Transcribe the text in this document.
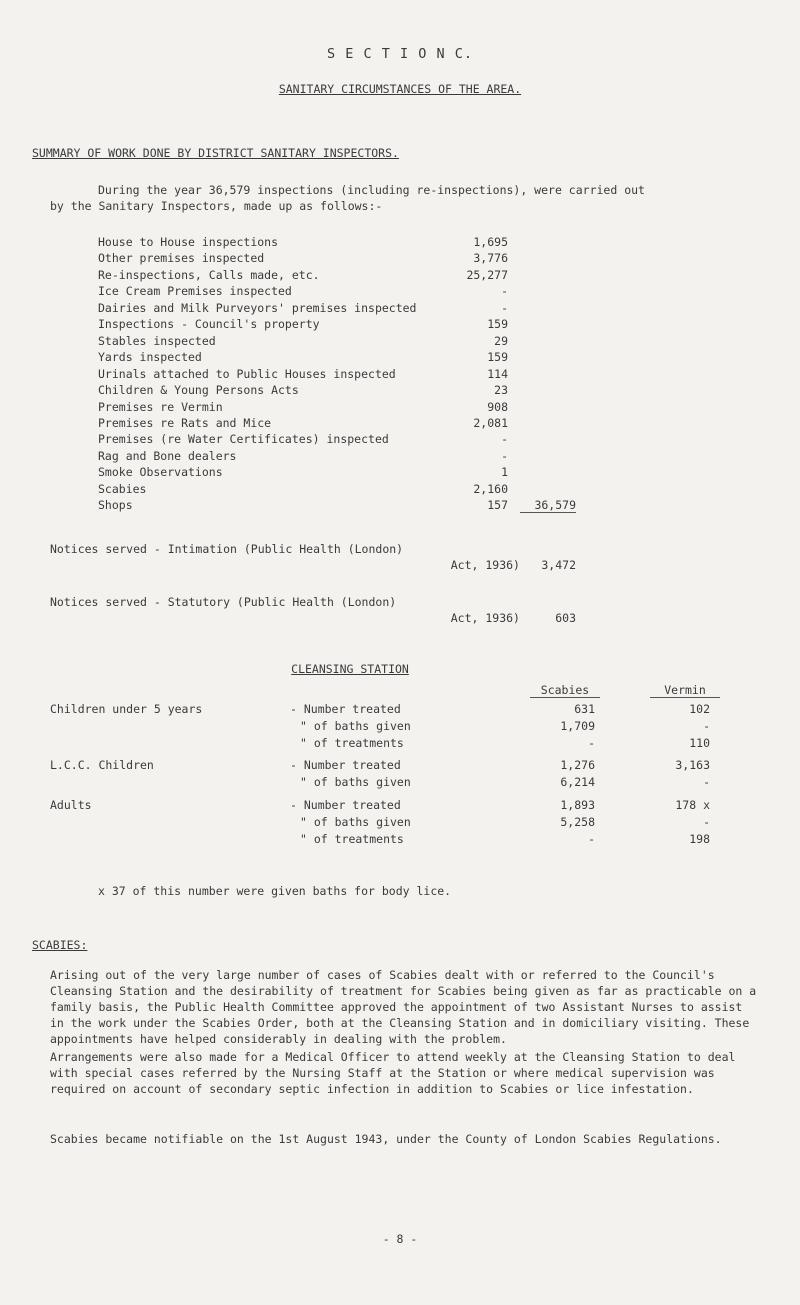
S E C T I O N C.
SANITARY CIRCUMSTANCES OF THE AREA.
SUMMARY OF WORK DONE BY DISTRICT SANITARY INSPECTORS.
During the year 36,579 inspections (including re-inspections), were carried out
by the Sanitary Inspectors, made up as follows:-
House to House inspections	1,695
Other premises inspected	3,776
Re-inspections, Calls made, etc.	25,277
Ice Cream Premises inspected	-
Dairies and Milk Purveyors' premises inspected	-
Inspections - Council's property	159
Stables inspected	29
Yards inspected	159
Urinals attached to Public Houses inspected	114
Children & Young Persons Acts	23
Premises re Vermin	908
Premises re Rats and Mice	2,081
Premises (re Water Certificates) inspected	-
Rag and Bone dealers	-
Smoke Observations	1
Scabies	2,160
Shops	157	36,579
Notices served - Intimation (Public Health (London)
Act, 1936)	3,472
Notices served - Statutory (Public Health (London)
Act, 1936)	603
CLEANSING STATION
Scabies	Vermin
Children under 5 years	- Number treated	631	102
" of baths given	1,709	-
" of treatments	-	110
L.C.C. Children	- Number treated	1,276	3,163
" of baths given	6,214	-
Adults	- Number treated	1,893	178 x
" of baths given	5,258	-
" of treatments	-	198
x 37 of this number were given baths for body lice.
SCABIES:
Arising out of the very large number of cases of Scabies dealt with or referred to the Council's Cleansing Station and the desirability of treatment for Scabies being given as far as practicable on a family basis, the Public Health Committee approved the appointment of two Assistant Nurses to assist in the work under the Scabies Order, both at the Cleansing Station and in domiciliary visiting. These appointments have helped considerably in dealing with the problem.
Arrangements were also made for a Medical Officer to attend weekly at the Cleansing Station to deal with special cases referred by the Nursing Staff at the Station or where medical supervision was required on account of secondary septic infection in addition to Scabies or lice infestation.
Scabies became notifiable on the 1st August 1943, under the County of London Scabies Regulations.
- 8 -
